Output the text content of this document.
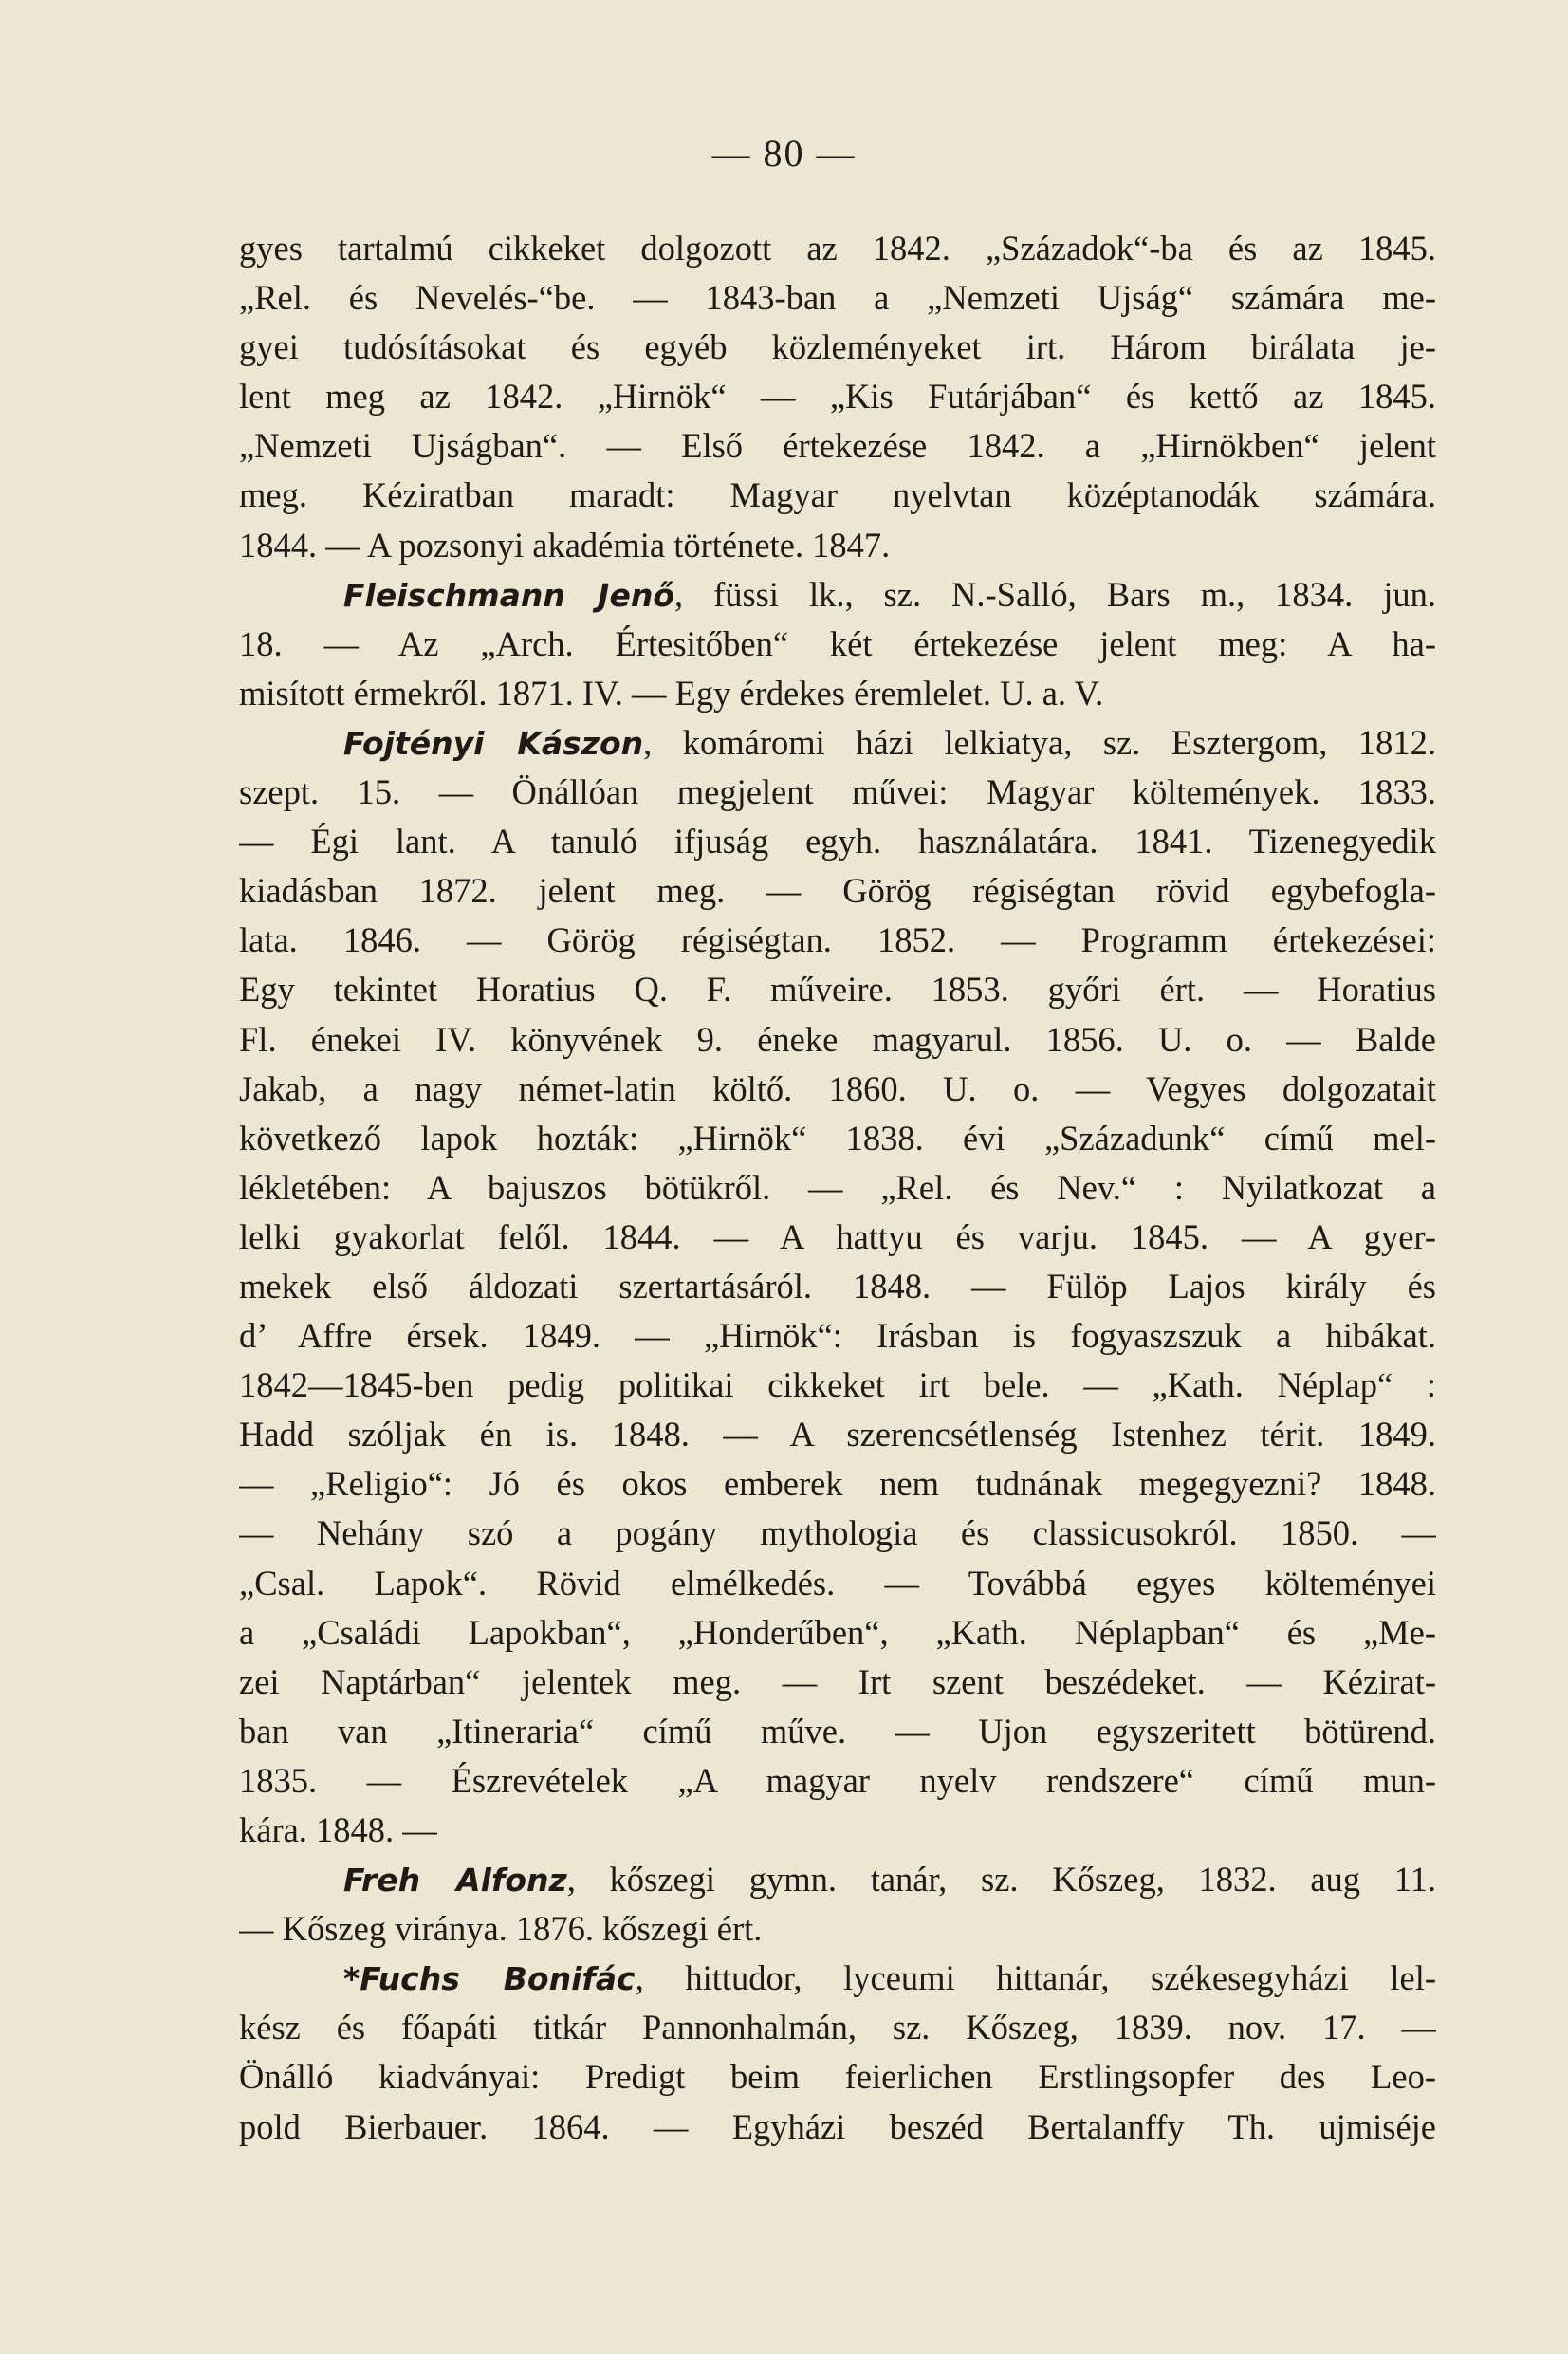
— 80 —
gyes tartalmú cikkeket dolgozott az 1842. „Századok“-ba és az 1845.
„Rel. és Nevelés-“be. — 1843-ban a „Nemzeti Ujság“ számára me-
gyei tudósításokat és egyéb közleményeket irt. Három birálata je-
lent meg az 1842. „Hirnök“ — „Kis Futárjában“ és kettő az 1845.
„Nemzeti Ujságban“. — Első értekezése 1842. a „Hirnökben“ jelent
meg. Kéziratban maradt: Magyar nyelvtan középtanodák számára.
1844. — A pozsonyi akadémia története. 1847.
Fleischmann Jenő, füssi lk., sz. N.-Salló, Bars m., 1834. jun.
18. — Az „Arch. Értesitőben“ két értekezése jelent meg: A ha-
misított érmekről. 1871. IV. — Egy érdekes éremlelet. U. a. V.
Fojtényi Kászon, komáromi házi lelkiatya, sz. Esztergom, 1812.
szept. 15. — Önállóan megjelent művei: Magyar költemények. 1833.
— Égi lant. A tanuló ifjuság egyh. használatára. 1841. Tizenegyedik
kiadásban 1872. jelent meg. — Görög régiségtan rövid egybefogla-
lata. 1846. — Görög régiségtan. 1852. — Programm értekezései:
Egy tekintet Horatius Q. F. műveire. 1853. győri ért. — Horatius
Fl. énekei IV. könyvének 9. éneke magyarul. 1856. U. o. — Balde
Jakab, a nagy német-latin költő. 1860. U. o. — Vegyes dolgozatait
következő lapok hozták: „Hirnök“ 1838. évi „Századunk“ című mel-
lékletében: A bajuszos bötükről. — „Rel. és Nev.“ : Nyilatkozat a
lelki gyakorlat felől. 1844. — A hattyu és varju. 1845. — A gyer-
mekek első áldozati szertartásáról. 1848. — Fülöp Lajos király és
d’ Affre érsek. 1849. — „Hirnök“: Irásban is fogyaszszuk a hibákat.
1842—1845-ben pedig politikai cikkeket irt bele. — „Kath. Néplap“ :
Hadd szóljak én is. 1848. — A szerencsétlenség Istenhez térit. 1849.
— „Religio“: Jó és okos emberek nem tudnának megegyezni? 1848.
— Nehány szó a pogány mythologia és classicusokról. 1850. —
„Csal. Lapok“. Rövid elmélkedés. — Továbbá egyes költeményei
a „Családi Lapokban“, „Honderűben“, „Kath. Néplapban“ és „Me-
zei Naptárban“ jelentek meg. — Irt szent beszédeket. — Kézirat-
ban van „Itineraria“ című műve. — Ujon egyszeritett bötürend.
1835. — Észrevételek „A magyar nyelv rendszere“ című mun-
kára. 1848. —
Freh Alfonz, kőszegi gymn. tanár, sz. Kőszeg, 1832. aug 11.
— Kőszeg viránya. 1876. kőszegi ért.
*Fuchs Bonifác, hittudor, lyceumi hittanár, székesegyházi lel-
kész és főapáti titkár Pannonhalmán, sz. Kőszeg, 1839. nov. 17. —
Önálló kiadványai: Predigt beim feierlichen Erstlingsopfer des Leo-
pold Bierbauer. 1864. — Egyházi beszéd Bertalanffy Th. ujmiséje
